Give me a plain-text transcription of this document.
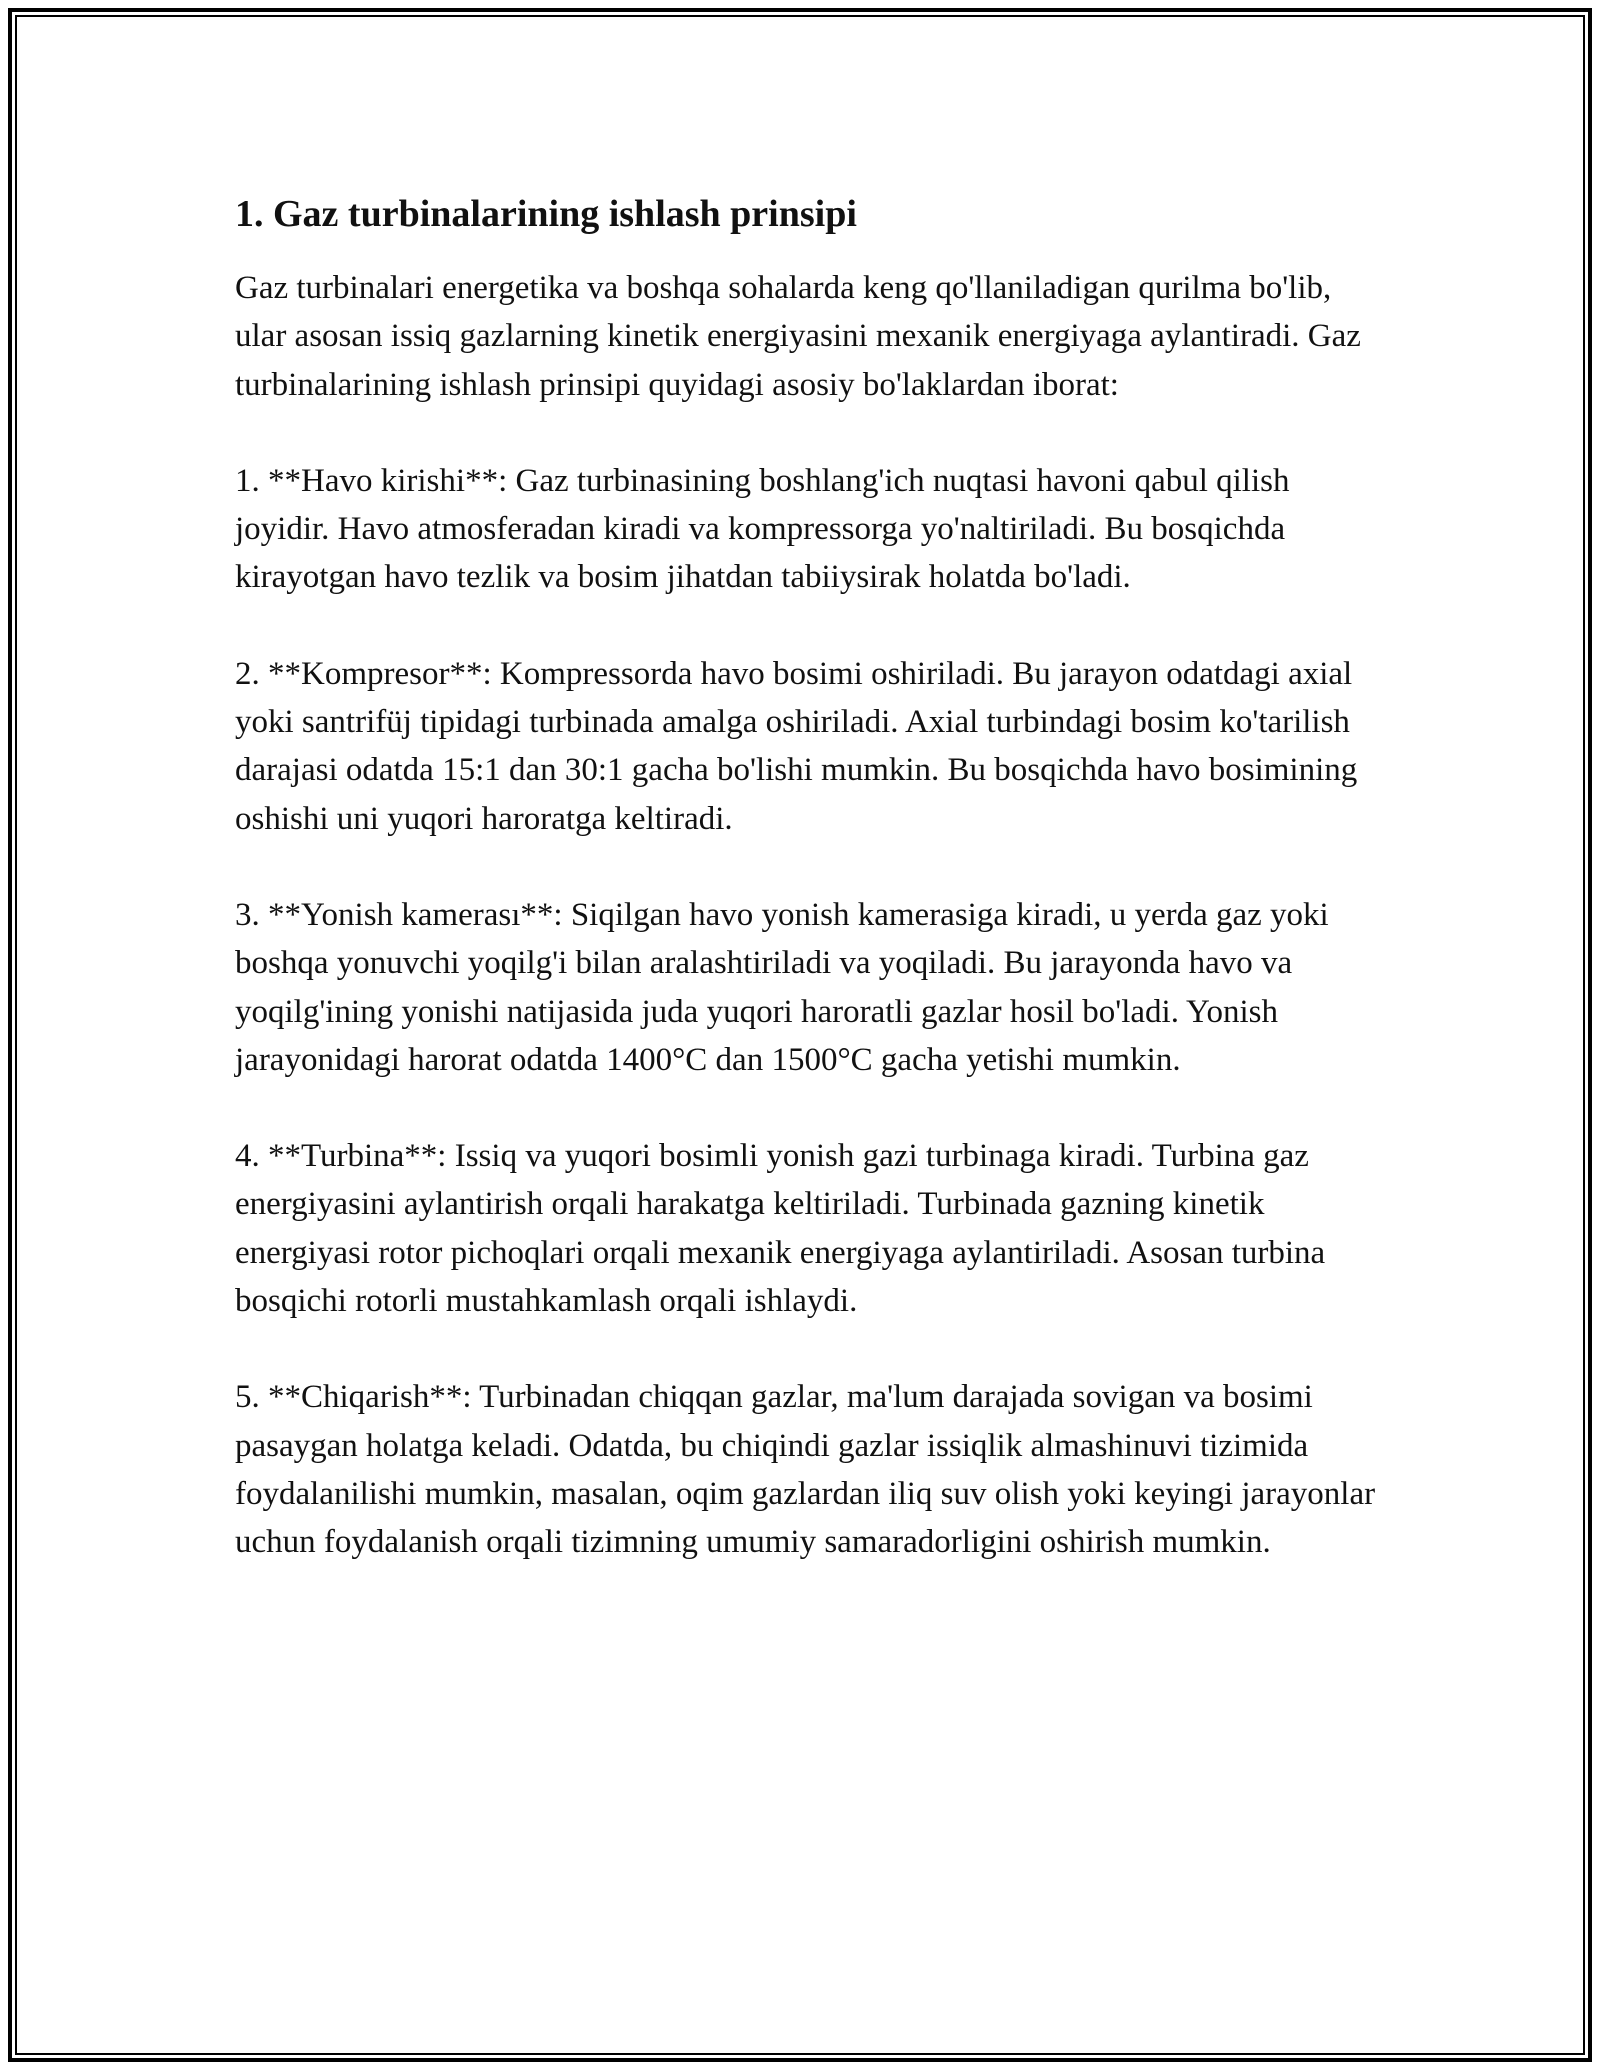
1. Gaz turbinalarining ishlash prinsipi

Gaz turbinalari energetika va boshqa sohalarda keng qo'llaniladigan qurilma bo'lib, ular asosan issiq gazlarning kinetik energiyasini mexanik energiyaga aylantiradi. Gaz turbinalarining ishlash prinsipi quyidagi asosiy bo'laklardan iborat:

1. **Havo kirishi**: Gaz turbinasining boshlang'ich nuqtasi havoni qabul qilish joyidir. Havo atmosferadan kiradi va kompressorga yo'naltiriladi. Bu bosqichda kirayotgan havo tezlik va bosim jihatdan tabiiysirak holatda bo'ladi.

2. **Kompresor**: Kompressorda havo bosimi oshiriladi. Bu jarayon odatdagi axial yoki santrifüj tipidagi turbinada amalga oshiriladi. Axial turbindagi bosim ko'tarilish darajasi odatda 15:1 dan 30:1 gacha bo'lishi mumkin. Bu bosqichda havo bosimining oshishi uni yuqori haroratga keltiradi.

3. **Yonish kamerası**: Siqilgan havo yonish kamerasiga kiradi, u yerda gaz yoki boshqa yonuvchi yoqilg'i bilan aralashtiriladi va yoqiladi. Bu jarayonda havo va yoqilg'ining yonishi natijasida juda yuqori haroratli gazlar hosil bo'ladi. Yonish jarayonidagi harorat odatda 1400°C dan 1500°C gacha yetishi mumkin.

4. **Turbina**: Issiq va yuqori bosimli yonish gazi turbinaga kiradi. Turbina gaz energiyasini aylantirish orqali harakatga keltiriladi. Turbinada gazning kinetik energiyasi rotor pichoqlari orqali mexanik energiyaga aylantiriladi. Asosan turbina bosqichi rotorli mustahkamlash orqali ishlaydi.

5. **Chiqarish**: Turbinadan chiqqan gazlar, ma'lum darajada sovigan va bosimi pasaygan holatga keladi. Odatda, bu chiqindi gazlar issiqlik almashinuvi tizimida foydalanilishi mumkin, masalan, oqim gazlardan iliq suv olish yoki keyingi jarayonlar uchun foydalanish orqali tizimning umumiy samaradorligini oshirish mumkin.
